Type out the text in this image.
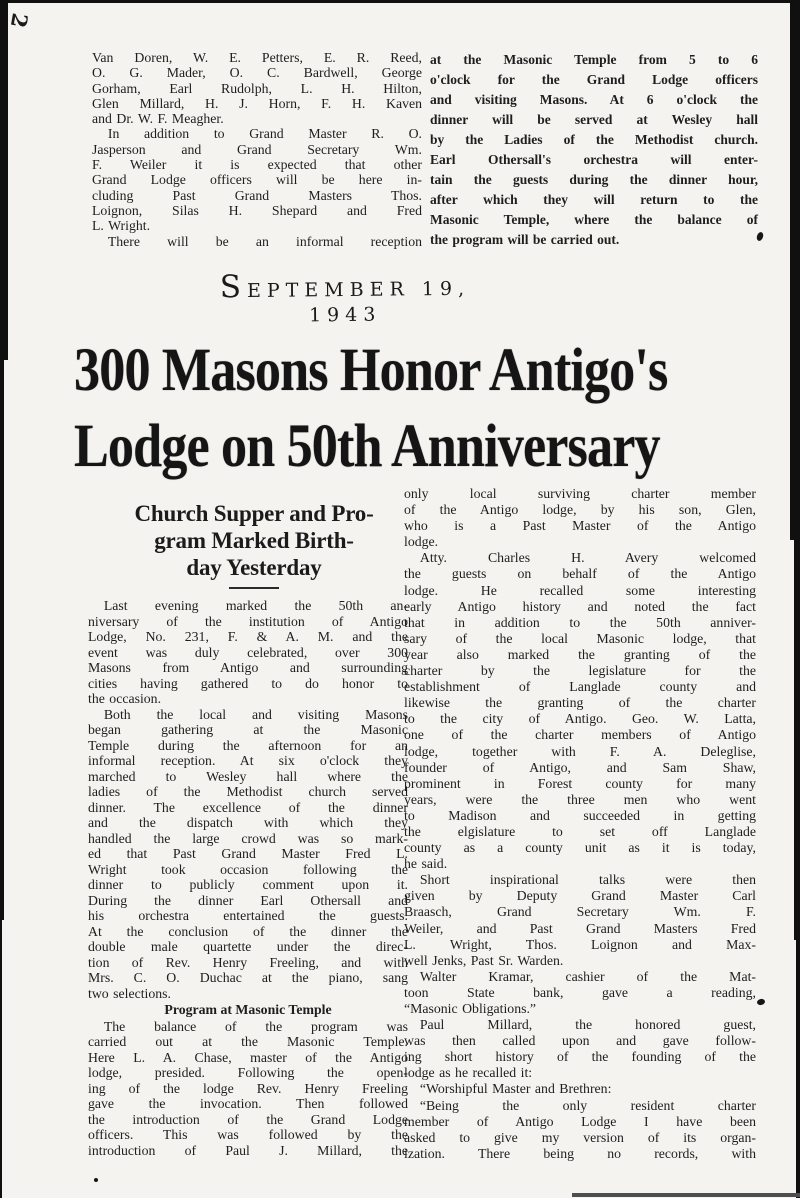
2
Van Doren, W. E. Petters, E. R. Reed,
O. G. Mader, O. C. Bardwell, George
Gorham, Earl Rudolph, L. H. Hilton,
Glen Millard, H. J. Horn, F. H. Kaven
and Dr. W. F. Meagher.
In addition to Grand Master R. O.
Jasperson and Grand Secretary Wm.
F. Weiler it is expected that other
Grand Lodge officers will be here in-
cluding Past Grand Masters Thos.
Loignon, Silas H. Shepard and Fred
L. Wright.
There will be an informal reception
at the Masonic Temple from 5 to 6
o'clock for the Grand Lodge officers
and visiting Masons. At 6 o'clock the
dinner will be served at Wesley hall
by the Ladies of the Methodist church.
Earl Othersall's orchestra will enter-
tain the guests during the dinner hour,
after which they will return to the
Masonic Temple, where the balance of
the program will be carried out.
SEPTEMBER 19, 1943
300 Masons Honor Antigo's
Lodge on 50th Anniversary
Church Supper and Pro-
gram Marked Birth-
day Yesterday
Last evening marked the 50th an-
niversary of the institution of Antigo
Lodge, No. 231, F. & A. M. and the
event was duly celebrated, over 300
Masons from Antigo and surrounding
cities having gathered to do honor to
the occasion.
Both the local and visiting Masons
began gathering at the Masonic
Temple during the afternoon for an
informal reception. At six o'clock they
marched to Wesley hall where the
ladies of the Methodist church served
dinner. The excellence of the dinner
and the dispatch with which they
handled the large crowd was so mark-
ed that Past Grand Master Fred L.
Wright took occasion following the
dinner to publicly comment upon it.
During the dinner Earl Othersall and
his orchestra entertained the guests.
At the conclusion of the dinner the
double male quartette under the direc-
tion of Rev. Henry Freeling, and with
Mrs. C. O. Duchac at the piano, sang
two selections.
Program at Masonic Temple
The balance of the program was
carried out at the Masonic Temple.
Here L. A. Chase, master of the Antigo
lodge, presided. Following the open-
ing of the lodge Rev. Henry Freeling
gave the invocation. Then followed
the introduction of the Grand Lodge
officers. This was followed by the
introduction of Paul J. Millard, the
only local surviving charter member
of the Antigo lodge, by his son, Glen,
who is a Past Master of the Antigo
lodge.
Atty. Charles H. Avery welcomed
the guests on behalf of the Antigo
lodge. He recalled some interesting
early Antigo history and noted the fact
that in addition to the 50th anniver-
sary of the local Masonic lodge, that
year also marked the granting of the
charter by the legislature for the
establishment of Langlade county and
likewise the granting of the charter
to the city of Antigo. Geo. W. Latta,
one of the charter members of Antigo
lodge, together with F. A. Deleglise,
founder of Antigo, and Sam Shaw,
prominent in Forest county for many
years, were the three men who went
to Madison and succeeded in getting
the elgislature to set off Langlade
county as a county unit as it is today,
he said.
Short inspirational talks were then
given by Deputy Grand Master Carl
Braasch, Grand Secretary Wm. F.
Weiler, and Past Grand Masters Fred
L. Wright, Thos. Loignon and Max-
well Jenks, Past Sr. Warden.
Walter Kramar, cashier of the Mat-
toon State bank, gave a reading,
“Masonic Obligations.”
Paul Millard, the honored guest,
was then called upon and gave follow-
ing short history of the founding of the
lodge as he recalled it:
“Worshipful Master and Brethren:
“Being the only resident charter
member of Antigo Lodge I have been
asked to give my version of its organ-
ization. There being no records, with
